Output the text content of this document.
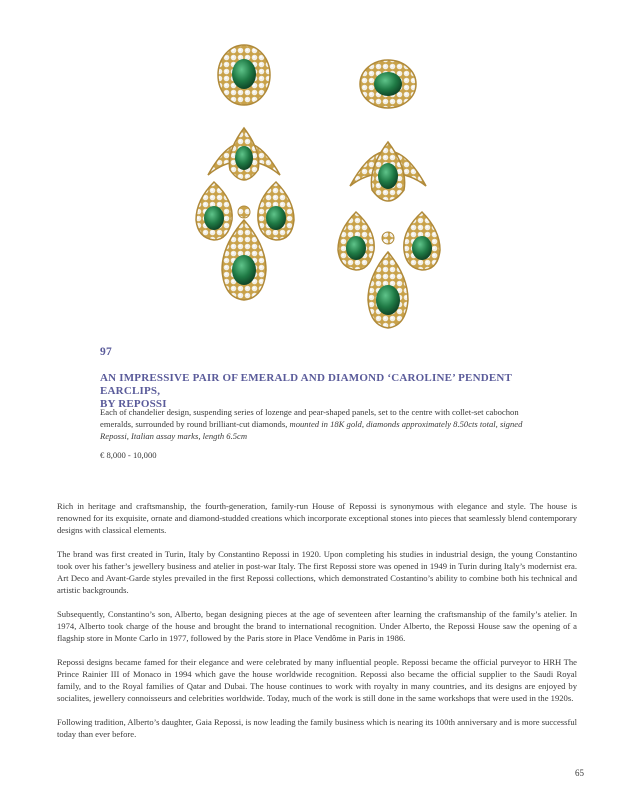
97
AN IMPRESSIVE PAIR OF EMERALD AND DIAMOND ‘CAROLINE’ PENDENT EARCLIPS,
BY REPOSSI
Each of chandelier design, suspending series of lozenge and pear-shaped panels, set to the centre with collet-set cabochon emeralds, surrounded by round brilliant-cut diamonds, mounted in 18K gold, diamonds approximately 8.50cts total, signed Repossi, Italian assay marks, length 6.5cm
€ 8,000 - 10,000

Rich in heritage and craftsmanship, the fourth-generation, family-run House of Repossi is synonymous with elegance and style. The house is renowned for its exquisite, ornate and diamond-studded creations which incorporate exceptional stones into pieces that seamlessly blend contemporary designs with classical elements.

The brand was first created in Turin, Italy by Constantino Repossi in 1920. Upon completing his studies in industrial design, the young Constantino took over his father’s jewellery business and atelier in post-war Italy. The first Repossi store was opened in 1949 in Turin during Italy’s modernist era. Art Deco and Avant-Garde styles prevailed in the first Repossi collections, which demonstrated Costantino’s ability to combine both his technical and artistic backgrounds.

Subsequently, Constantino’s son, Alberto, began designing pieces at the age of seventeen after learning the craftsmanship of the family’s atelier. In 1974, Alberto took charge of the house and brought the brand to international recognition. Under Alberto, the Repossi House saw the opening of a flagship store in Monte Carlo in 1977, followed by the Paris store in Place Vendôme in Paris in 1986.

Repossi designs became famed for their elegance and were celebrated by many influential people. Repossi became the official purveyor to HRH The Prince Rainier III of Monaco in 1994 which gave the house worldwide recognition. Repossi also became the official supplier to the Saudi Royal family, and to the Royal families of Qatar and Dubai. The house continues to work with royalty in many countries, and its designs are enjoyed by socialites, jewellery connoisseurs and celebrities worldwide. Today, much of the work is still done in the same workshops that were used in the 1920s.

Following tradition, Alberto’s daughter, Gaia Repossi, is now leading the family business which is nearing its 100th anniversary and is more successful today than ever before.

65
